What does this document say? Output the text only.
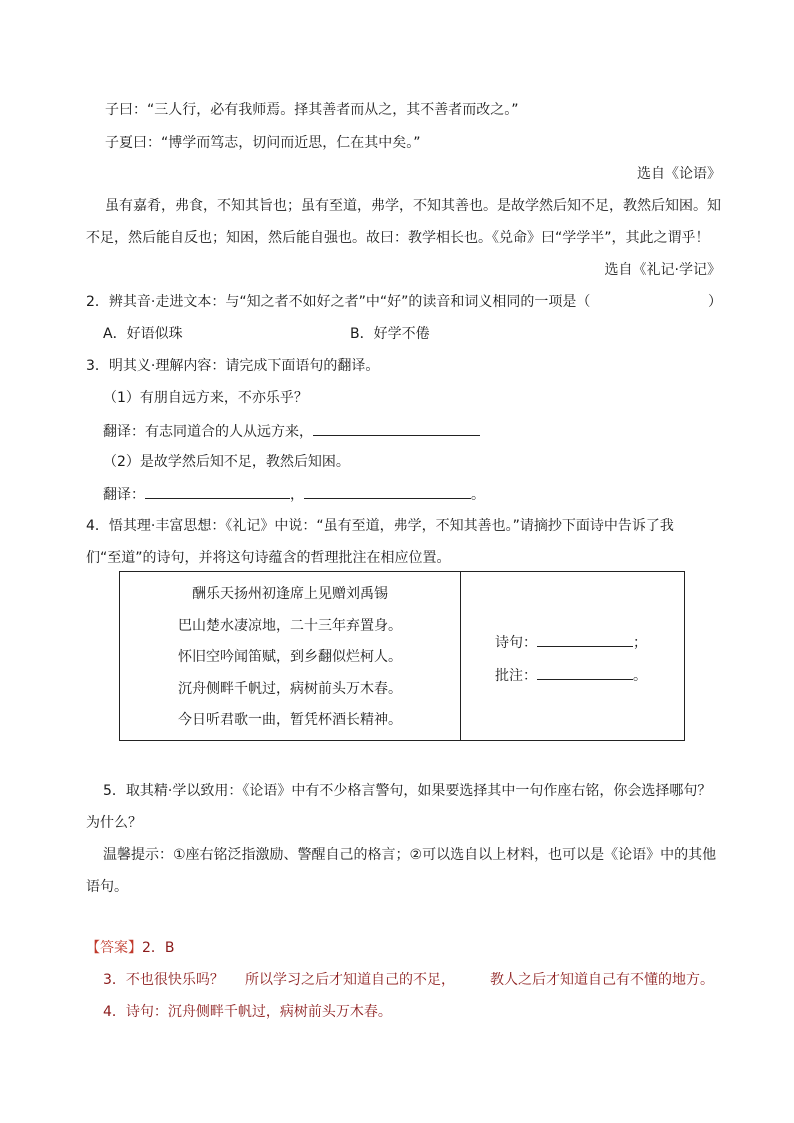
子曰：“三人行，必有我师焉。择其善者而从之，其不善者而改之。”
子夏曰：“博学而笃志，切问而近思，仁在其中矣。”
选自《论语》
虽有嘉肴，弗食，不知其旨也；虽有至道，弗学，不知其善也。是故学然后知不足，教然后知困。知
不足，然后能自反也；知困，然后能自强也。故曰：教学相长也。《兑命》曰“学学半”，其此之谓乎！
选自《礼记·学记》
2．辨其音·走进文本：与“知之者不如好之者”中“好”的读音和词义相同的一项是（	）
A．好语似珠	B．好学不倦
3．明其义·理解内容：请完成下面语句的翻译。
（1）有朋自远方来，不亦乐乎？
翻译：有志同道合的人从远方来，
（2）是故学然后知不足，教然后知困。
翻译：	，	。
4．悟其理·丰富思想：《礼记》中说：“虽有至道，弗学，不知其善也。”请摘抄下面诗中告诉了我
们“至道”的诗句，并将这句诗蕴含的哲理批注在相应位置。
酬乐天扬州初逢席上见赠刘禹锡
巴山楚水凄凉地，二十三年弃置身。
怀旧空吟闻笛赋，到乡翻似烂柯人。
沉舟侧畔千帆过，病树前头万木春。
今日听君歌一曲，暂凭杯酒长精神。
诗句：	；
批注：	。
5．取其精·学以致用：《论语》中有不少格言警句，如果要选择其中一句作座右铭，你会选择哪句？
为什么？
温馨提示：①座右铭泛指激励、警醒自己的格言；②可以选自以上材料，也可以是《论语》中的其他
语句。
【答案】2．B
3．不也很快乐吗？ 所以学习之后才知道自己的不足，	教人之后才知道自己有不懂的地方。
4．诗句：沉舟侧畔千帆过，病树前头万木春。
